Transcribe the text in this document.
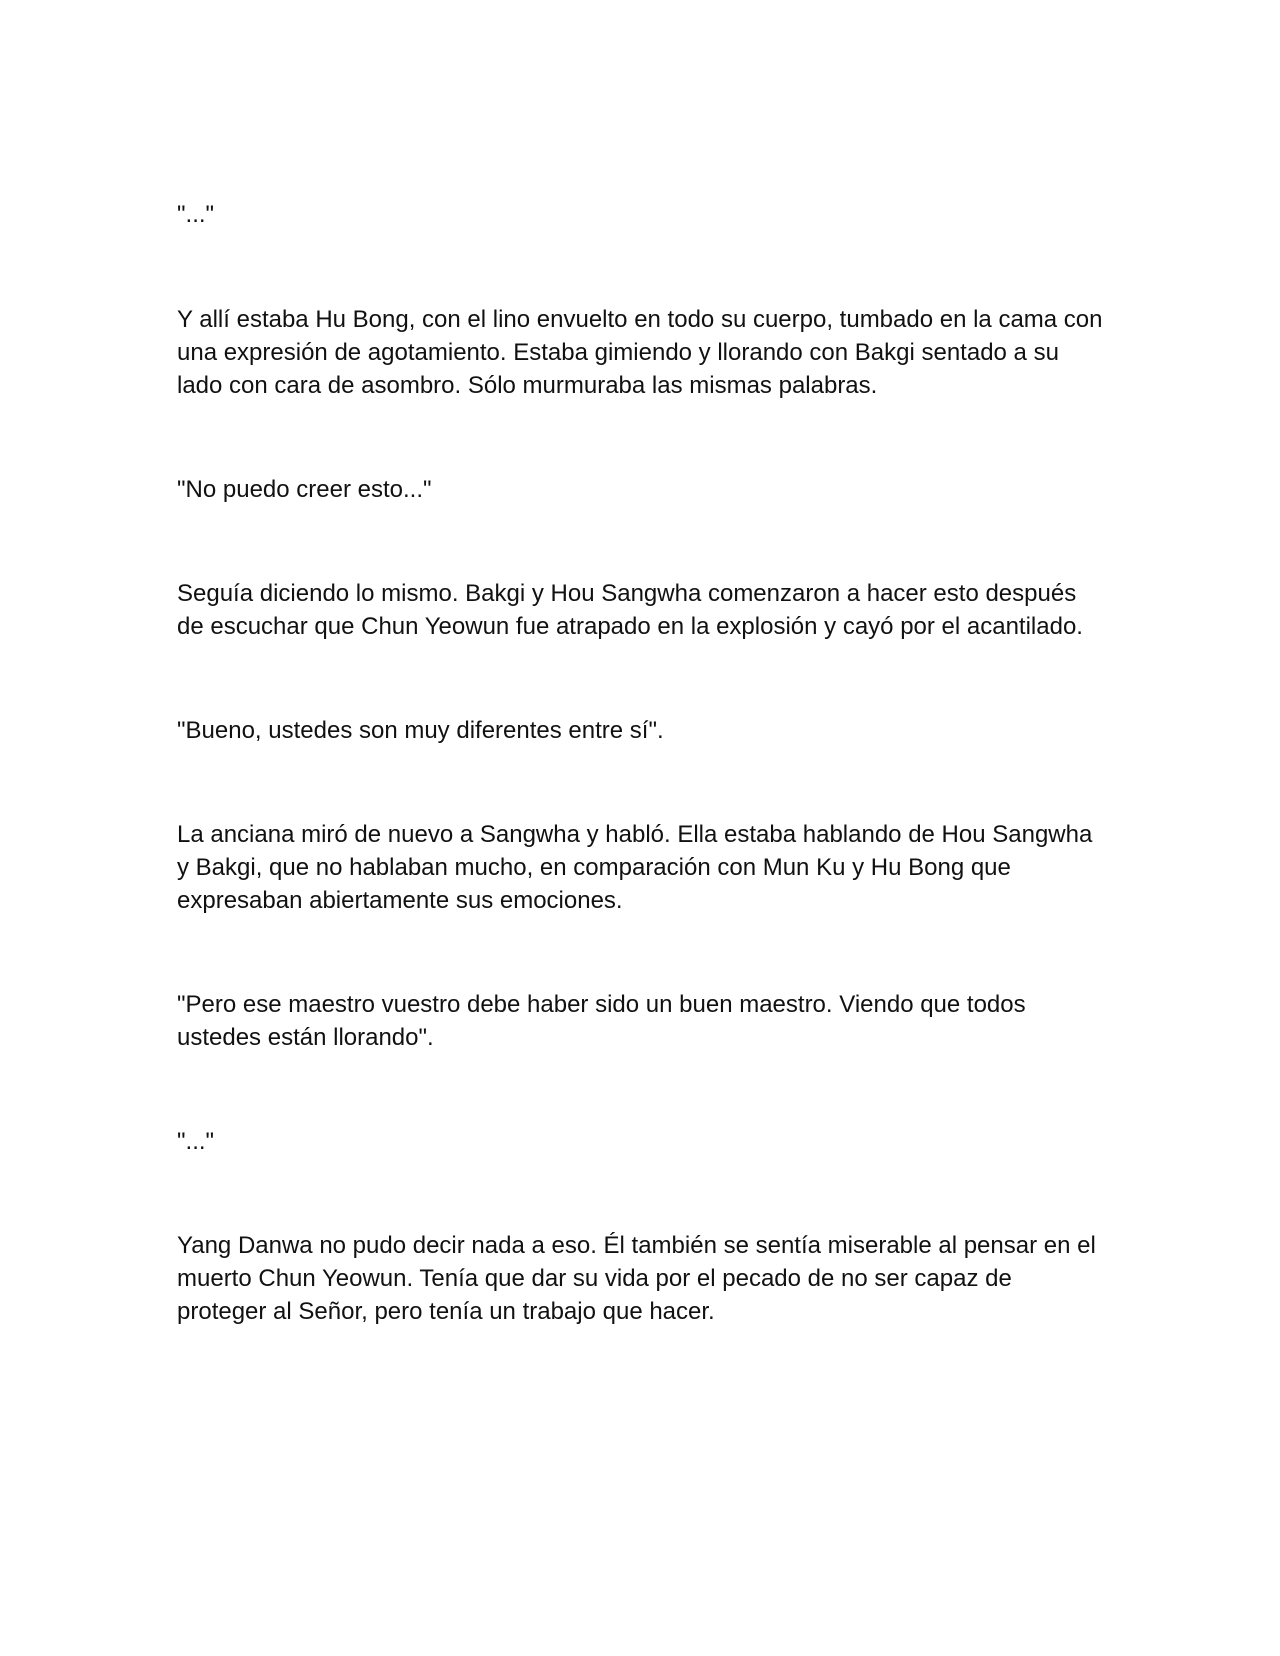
"..."

Y allí estaba Hu Bong, con el lino envuelto en todo su cuerpo, tumbado en la cama con una expresión de agotamiento. Estaba gimiendo y llorando con Bakgi sentado a su lado con cara de asombro. Sólo murmuraba las mismas palabras.

"No puedo creer esto..."

Seguía diciendo lo mismo. Bakgi y Hou Sangwha comenzaron a hacer esto después de escuchar que Chun Yeowun fue atrapado en la explosión y cayó por el acantilado.

"Bueno, ustedes son muy diferentes entre sí".

La anciana miró de nuevo a Sangwha y habló. Ella estaba hablando de Hou Sangwha y Bakgi, que no hablaban mucho, en comparación con Mun Ku y Hu Bong que expresaban abiertamente sus emociones.

"Pero ese maestro vuestro debe haber sido un buen maestro. Viendo que todos ustedes están llorando".

"..."

Yang Danwa no pudo decir nada a eso. Él también se sentía miserable al pensar en el muerto Chun Yeowun. Tenía que dar su vida por el pecado de no ser capaz de proteger al Señor, pero tenía un trabajo que hacer.
